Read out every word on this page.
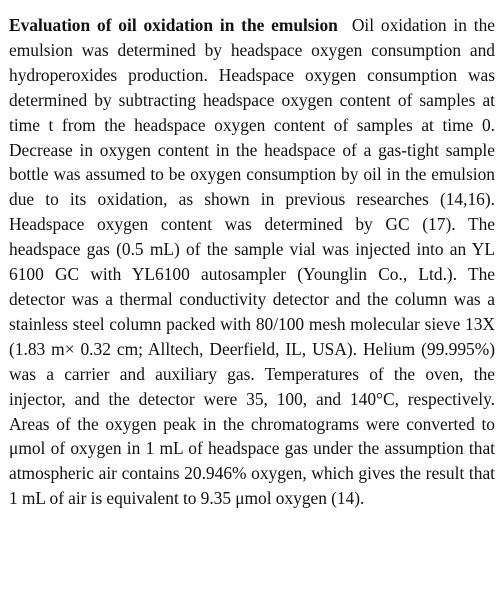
Evaluation of oil oxidation in the emulsion Oil oxidation in the emulsion was determined by headspace oxygen consumption and hydroperoxides production. Headspace oxygen consumption was determined by subtracting headspace oxygen content of samples at time t from the headspace oxygen content of samples at time 0. Decrease in oxygen content in the headspace of a gas-tight sample bottle was assumed to be oxygen consumption by oil in the emulsion due to its oxidation, as shown in previous researches (14,16). Headspace oxygen content was determined by GC (17). The headspace gas (0.5 mL) of the sample vial was injected into an YL 6100 GC with YL6100 autosampler (Younglin Co., Ltd.). The detector was a thermal conductivity detector and the column was a stainless steel column packed with 80/100 mesh molecular sieve 13X (1.83 m× 0.32 cm; Alltech, Deerfield, IL, USA). Helium (99.995%) was a carrier and auxiliary gas. Temperatures of the oven, the injector, and the detector were 35, 100, and 140°C, respectively. Areas of the oxygen peak in the chromatograms were converted to μmol of oxygen in 1 mL of headspace gas under the assumption that atmospheric air contains 20.946% oxygen, which gives the result that 1 mL of air is equivalent to 9.35 μmol oxygen (14).
